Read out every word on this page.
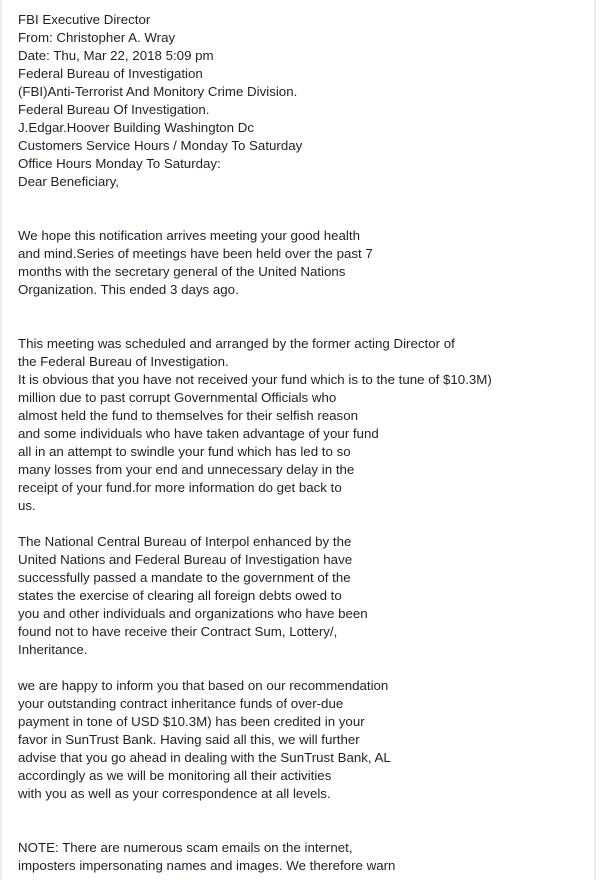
FBI Executive Director
From: Christopher A. Wray
Date: Thu, Mar 22, 2018 5:09 pm
Federal Bureau of Investigation
(FBI)Anti-Terrorist And Monitory Crime Division.
Federal Bureau Of Investigation.
J.Edgar.Hoover Building Washington Dc
Customers Service Hours / Monday To Saturday
Office Hours Monday To Saturday:
Dear Beneficiary,
We hope this notification arrives meeting your good health
and mind.Series of meetings have been held over the past 7
months with the secretary general of the United Nations
Organization. This ended 3 days ago.
This meeting was scheduled and arranged by the former acting Director of
the Federal Bureau of Investigation.
It is obvious that you have not received your fund which is to the tune of $10.3M)
million due to past corrupt Governmental Officials who
almost held the fund to themselves for their selfish reason
and some individuals who have taken advantage of your fund
all in an attempt to swindle your fund which has led to so
many losses from your end and unnecessary delay in the
receipt of your fund.for more information do get back to
us.
The National Central Bureau of Interpol enhanced by the
United Nations and Federal Bureau of Investigation have
successfully passed a mandate to the government of the
states the exercise of clearing all foreign debts owed to
you and other individuals and organizations who have been
found not to have receive their Contract Sum, Lottery/,
Inheritance.
we are happy to inform you that based on our recommendation
your outstanding contract inheritance funds of over-due
payment in tone of USD $10.3M) has been credited in your
favor in SunTrust Bank. Having said all this, we will further
advise that you go ahead in dealing with the SunTrust Bank, AL
accordingly as we will be monitoring all their activities
with you as well as your correspondence at all levels.
NOTE: There are numerous scam emails on the internet,
imposters impersonating names and images. We therefore warn
